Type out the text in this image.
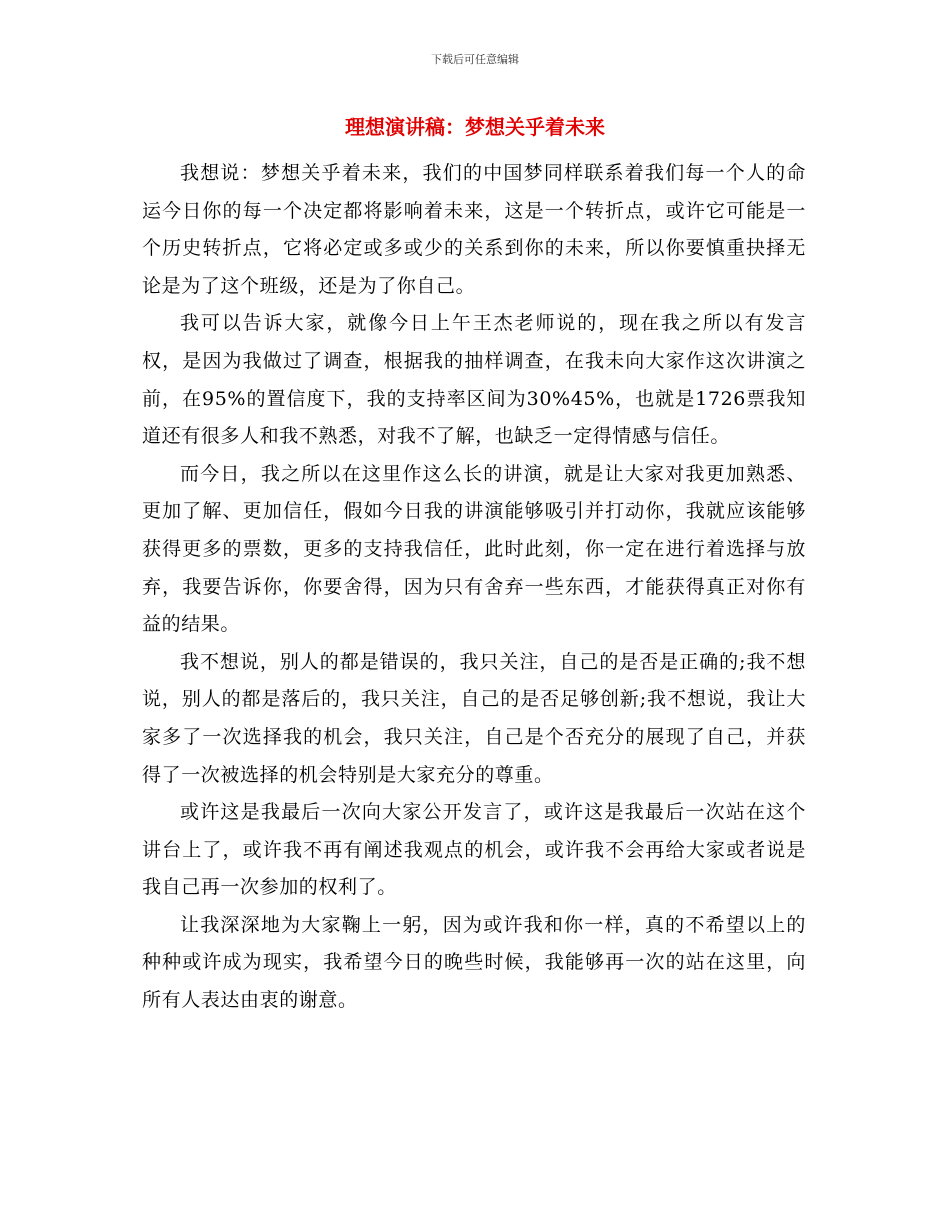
下载后可任意编辑
理想演讲稿：梦想关乎着未来

我想说：梦想关乎着未来，我们的中国梦同样联系着我们每一个人的命运今日你的每一个决定都将影响着未来，这是一个转折点，或许它可能是一个历史转折点，它将必定或多或少的关系到你的未来，所以你要慎重抉择无论是为了这个班级，还是为了你自己。

我可以告诉大家，就像今日上午王杰老师说的，现在我之所以有发言权，是因为我做过了调查，根据我的抽样调查，在我未向大家作这次讲演之前，在95%的置信度下，我的支持率区间为30%45%，也就是1726票我知道还有很多人和我不熟悉，对我不了解，也缺乏一定得情感与信任。

而今日，我之所以在这里作这么长的讲演，就是让大家对我更加熟悉、更加了解、更加信任，假如今日我的讲演能够吸引并打动你，我就应该能够获得更多的票数，更多的支持我信任，此时此刻，你一定在进行着选择与放弃，我要告诉你，你要舍得，因为只有舍弃一些东西，才能获得真正对你有益的结果。

我不想说，别人的都是错误的，我只关注，自己的是否是正确的;我不想说，别人的都是落后的，我只关注，自己的是否足够创新;我不想说，我让大家多了一次选择我的机会，我只关注，自己是个否充分的展现了自己，并获得了一次被选择的机会特别是大家充分的尊重。

或许这是我最后一次向大家公开发言了，或许这是我最后一次站在这个讲台上了，或许我不再有阐述我观点的机会，或许我不会再给大家或者说是我自己再一次参加的权利了。

让我深深地为大家鞠上一躬，因为或许我和你一样，真的不希望以上的种种或许成为现实，我希望今日的晚些时候，我能够再一次的站在这里，向所有人表达由衷的谢意。
